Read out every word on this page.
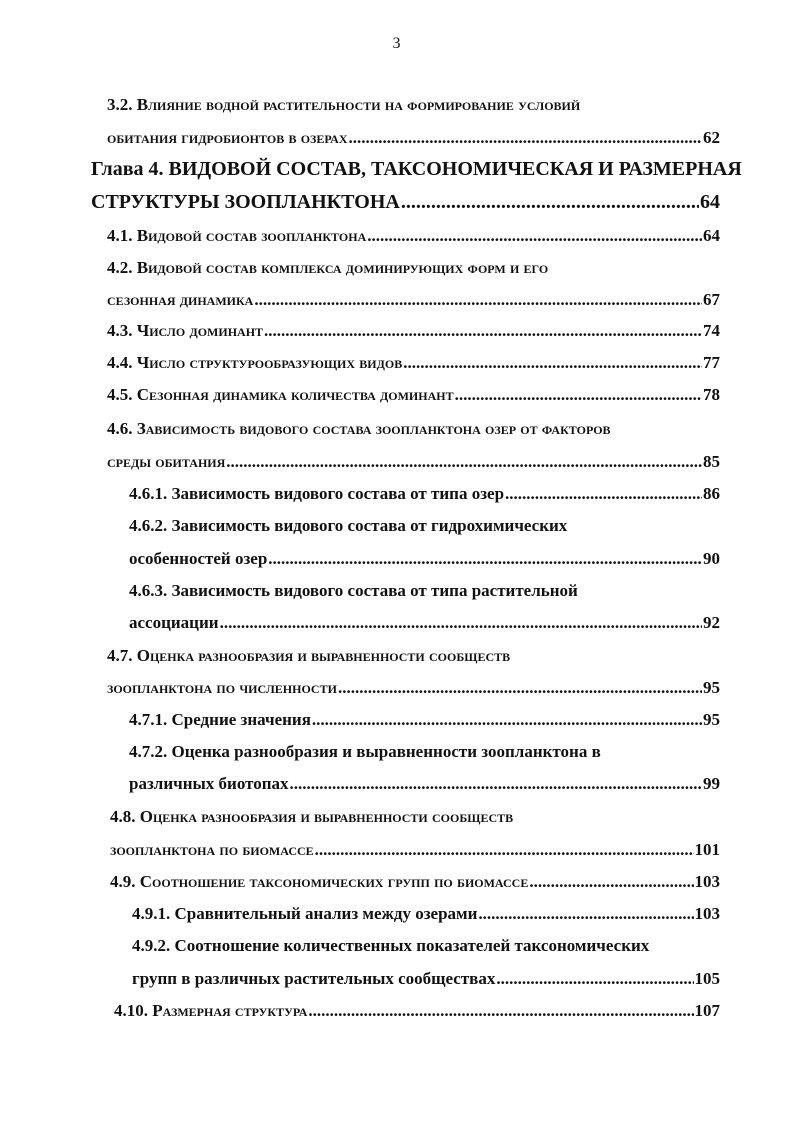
3
3.2. Влияние водной растительности на формирование условий
обитания гидробионтов в озерах .....	62
Глава 4. ВИДОВОЙ СОСТАВ, ТАКСОНОМИЧЕСКАЯ И РАЗМЕРНАЯ
СТРУКТУРЫ ЗООПЛАНКТОНА .....	64
4.1. Видовой состав зоопланктона .....	64
4.2. Видовой состав комплекса доминирующих форм и его
сезонная динамика .....	67
4.3. Число доминант .....	74
4.4. Число структурообразующих видов .....	77
4.5. Сезонная динамика количества доминант .....	78
4.6. Зависимость видового состава зоопланктона озер от факторов
среды обитания .....	85
4.6.1. Зависимость видового состава от типа озер .....	86
4.6.2. Зависимость видового состава от гидрохимических
особенностей озер .....	90
4.6.3. Зависимость видового состава от типа растительной
ассоциации .....	92
4.7. Оценка разнообразия и выравненности сообществ
зоопланктона по численности .....	95
4.7.1. Средние значения .....	95
4.7.2. Оценка разнообразия и выравненности зоопланктона в
различных биотопах .....	99
4.8. Оценка разнообразия и выравненности сообществ
зоопланктона по биомассе .....	101
4.9. Соотношение таксономических групп по биомассе .....	103
4.9.1. Сравнительный анализ между озерами .....	103
4.9.2. Соотношение количественных показателей таксономических
групп в различных растительных сообществах .....	105
4.10. Размерная структура .....	107
